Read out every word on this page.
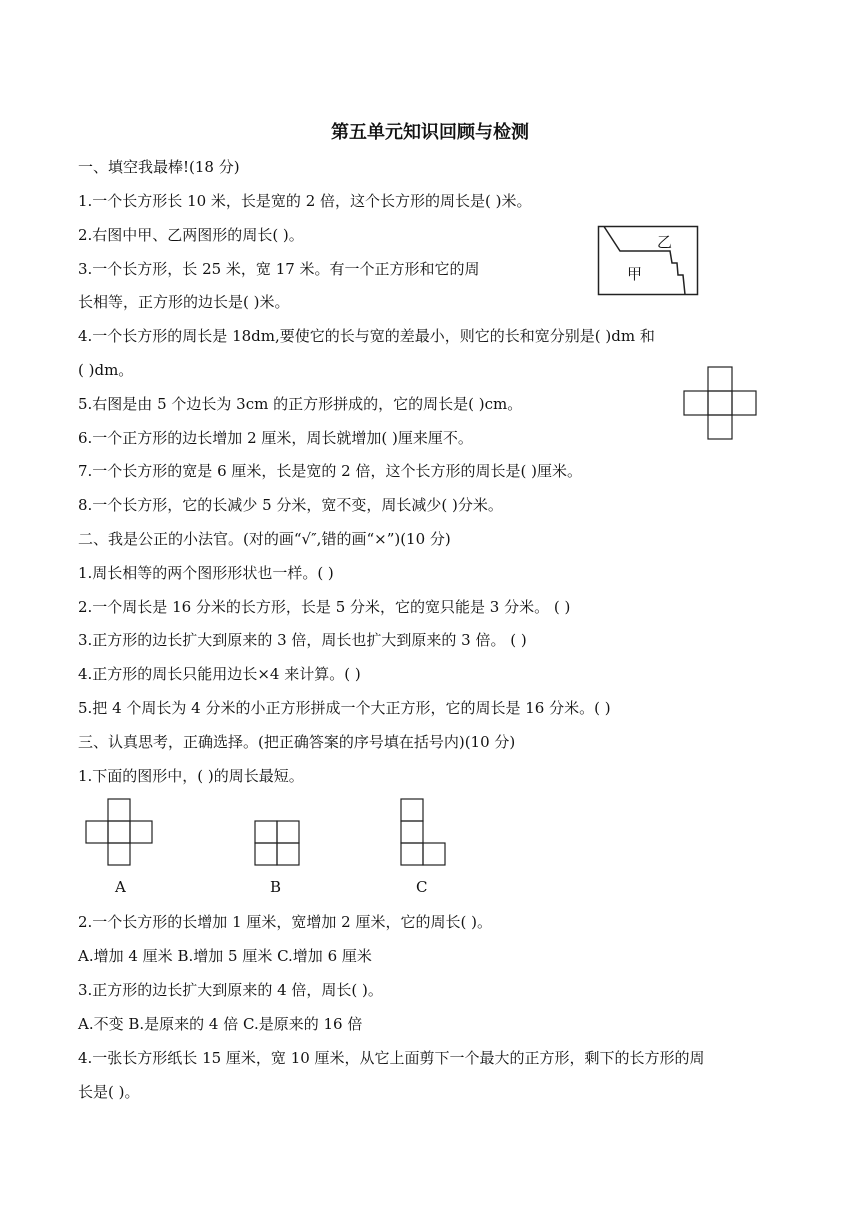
第五单元知识回顾与检测
一、填空我最棒!(18 分)
1.一个长方形长 10 米，长是宽的 2 倍，这个长方形的周长是( )米。
2.右图中甲、乙两图形的周长( )。
3.一个长方形，长 25 米，宽 17 米。有一个正方形和它的周
长相等，正方形的边长是( )米。
4.一个长方形的周长是 18dm,要使它的长与宽的差最小，则它的长和宽分别是( )dm 和
( )dm。
5.右图是由 5 个边长为 3cm 的正方形拼成的，它的周长是( )cm。
6.一个正方形的边长增加 2 厘米，周长就增加( )厘来厘不。
7.一个长方形的宽是 6 厘米，长是宽的 2 倍，这个长方形的周长是( )厘米。
8.一个长方形，它的长减少 5 分米，宽不变，周长减少( )分米。
甲
乙
二、我是公正的小法官。(对的画“√″,错的画“×”)(10 分)
1.周长相等的两个图形形状也一样。( )
2.一个周长是 16 分米的长方形，长是 5 分米，它的宽只能是 3 分米。 ( )
3.正方形的边长扩大到原来的 3 倍，周长也扩大到原来的 3 倍。 ( )
4.正方形的周长只能用边长×4 来计算。( )
5.把 4 个周长为 4 分米的小正方形拼成一个大正方形，它的周长是 16 分米。( )
三、认真思考，正确选择。(把正确答案的序号填在括号内)(10 分)
1.下面的图形中，( )的周长最短。
A	B	C
2.一个长方形的长增加 1 厘米，宽增加 2 厘米，它的周长( )。
A.增加 4 厘米 B.增加 5 厘米 C.增加 6 厘米
3.正方形的边长扩大到原来的 4 倍，周长( )。
A.不变 B.是原来的 4 倍 C.是原来的 16 倍
4.一张长方形纸长 15 厘米，宽 10 厘米，从它上面剪下一个最大的正方形，剩下的长方形的周
长是( )。
